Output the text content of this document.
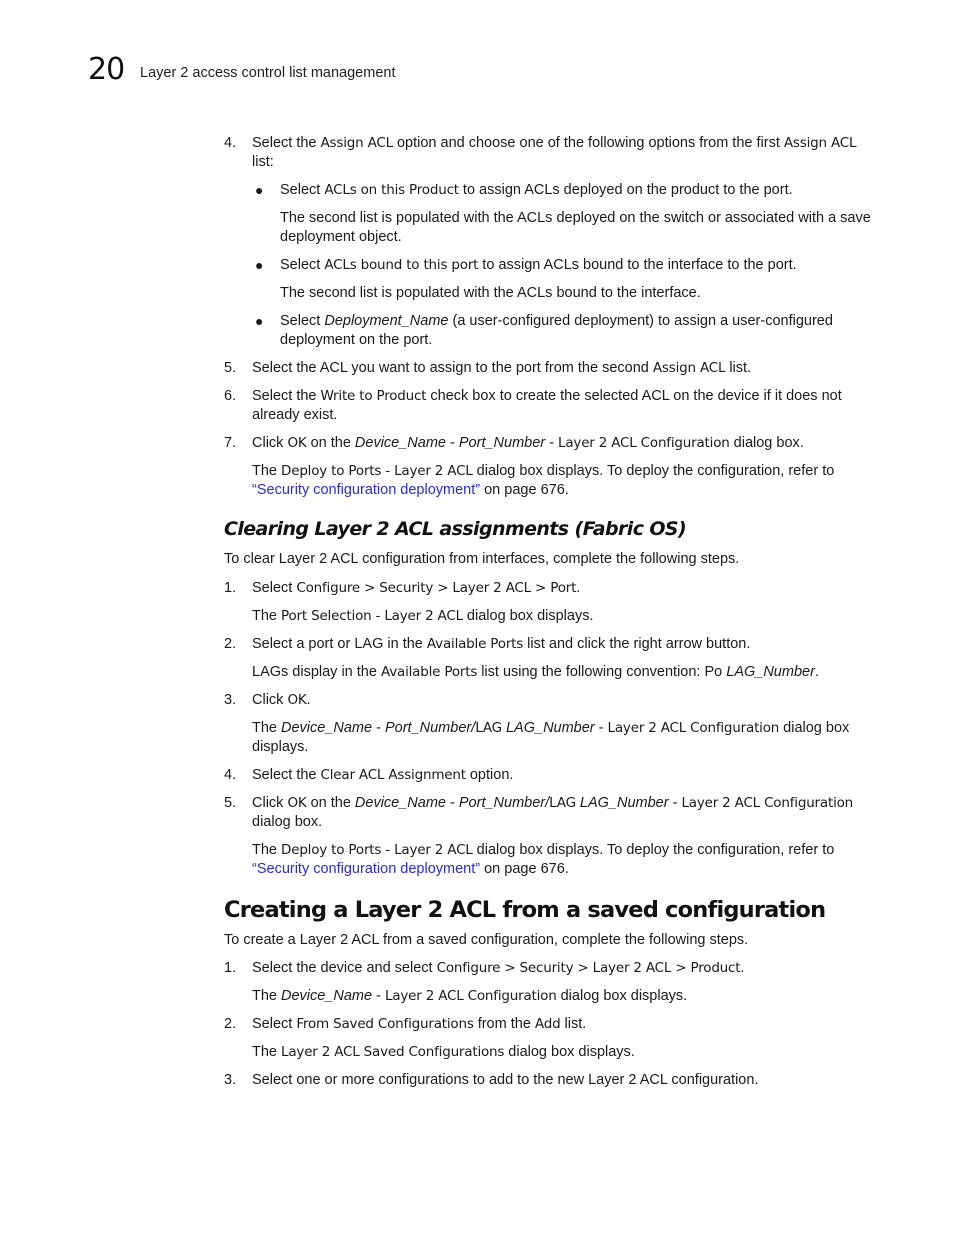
20 Layer 2 access control list management

4. Select the Assign ACL option and choose one of the following options from the first Assign ACL list:

● Select ACLs on this Product to assign ACLs deployed on the product to the port.

The second list is populated with the ACLs deployed on the switch or associated with a save deployment object.

● Select ACLs bound to this port to assign ACLs bound to the interface to the port.

The second list is populated with the ACLs bound to the interface.

● Select Deployment_Name (a user-configured deployment) to assign a user-configured deployment on the port.

5. Select the ACL you want to assign to the port from the second Assign ACL list.

6. Select the Write to Product check box to create the selected ACL on the device if it does not already exist.

7. Click OK on the Device_Name - Port_Number - Layer 2 ACL Configuration dialog box.

The Deploy to Ports - Layer 2 ACL dialog box displays. To deploy the configuration, refer to “Security configuration deployment” on page 676.

Clearing Layer 2 ACL assignments (Fabric OS)

To clear Layer 2 ACL configuration from interfaces, complete the following steps.

1. Select Configure > Security > Layer 2 ACL > Port.

The Port Selection - Layer 2 ACL dialog box displays.

2. Select a port or LAG in the Available Ports list and click the right arrow button.

LAGs display in the Available Ports list using the following convention: Po LAG_Number.

3. Click OK.

The Device_Name - Port_Number/LAG LAG_Number - Layer 2 ACL Configuration dialog box displays.

4. Select the Clear ACL Assignment option.

5. Click OK on the Device_Name - Port_Number/LAG LAG_Number - Layer 2 ACL Configuration dialog box.

The Deploy to Ports - Layer 2 ACL dialog box displays. To deploy the configuration, refer to “Security configuration deployment” on page 676.

Creating a Layer 2 ACL from a saved configuration

To create a Layer 2 ACL from a saved configuration, complete the following steps.

1. Select the device and select Configure > Security > Layer 2 ACL > Product.

The Device_Name - Layer 2 ACL Configuration dialog box displays.

2. Select From Saved Configurations from the Add list.

The Layer 2 ACL Saved Configurations dialog box displays.

3. Select one or more configurations to add to the new Layer 2 ACL configuration.
